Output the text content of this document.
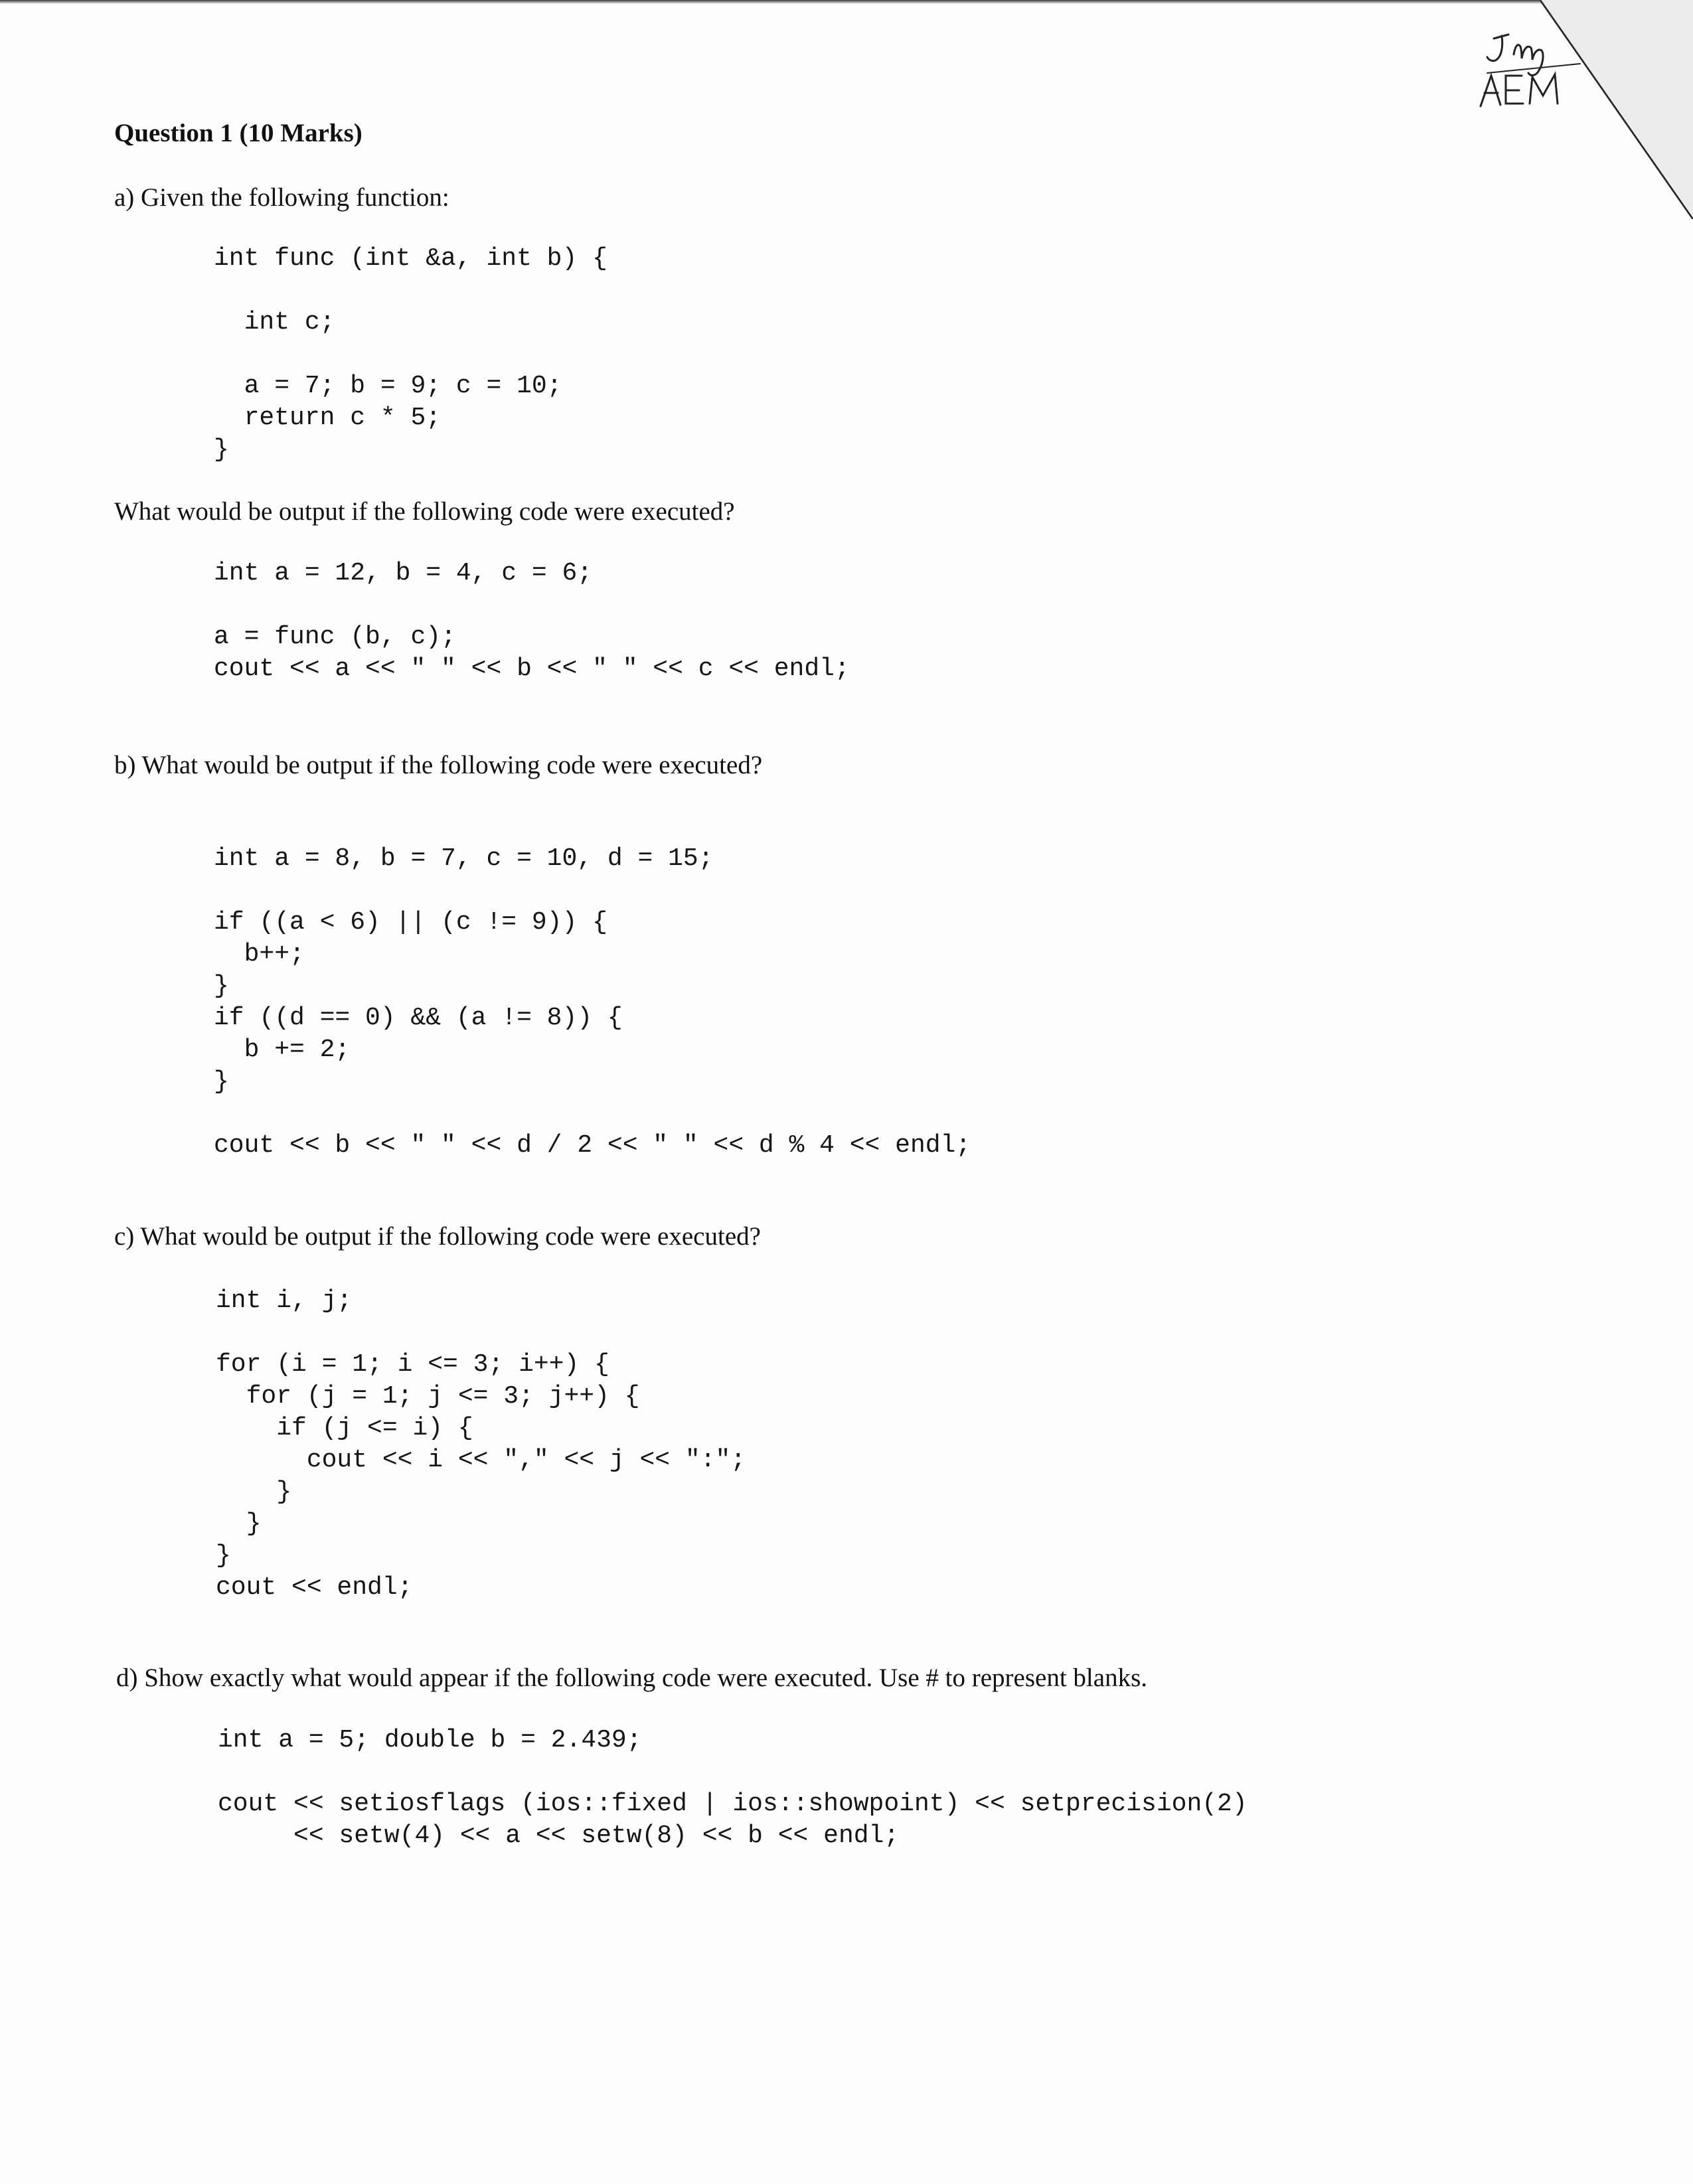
Question 1 (10 Marks)
a) Given the following function:
int func (int &a, int b) {
int c;
a = 7; b = 9; c = 10;
return c * 5;
}
What would be output if the following code were executed?
int a = 12, b = 4, c = 6;
a = func (b, c);
cout << a << " " << b << " " << c << endl;
b) What would be output if the following code were executed?
int a = 8, b = 7, c = 10, d = 15;
if ((a < 6) || (c != 9)) {
b++;
}
if ((d == 0) && (a != 8)) {
b += 2;
}
cout << b << " " << d / 2 << " " << d % 4 << endl;
c) What would be output if the following code were executed?
int i, j;
for (i = 1; i <= 3; i++) {
for (j = 1; j <= 3; j++) {
if (j <= i) {
cout << i << "," << j << ":";
}
}
}
cout << endl;
d) Show exactly what would appear if the following code were executed. Use # to represent blanks.
int a = 5; double b = 2.439;
cout << setiosflags (ios::fixed | ios::showpoint) << setprecision(2)
<< setw(4) << a << setw(8) << b << endl;
